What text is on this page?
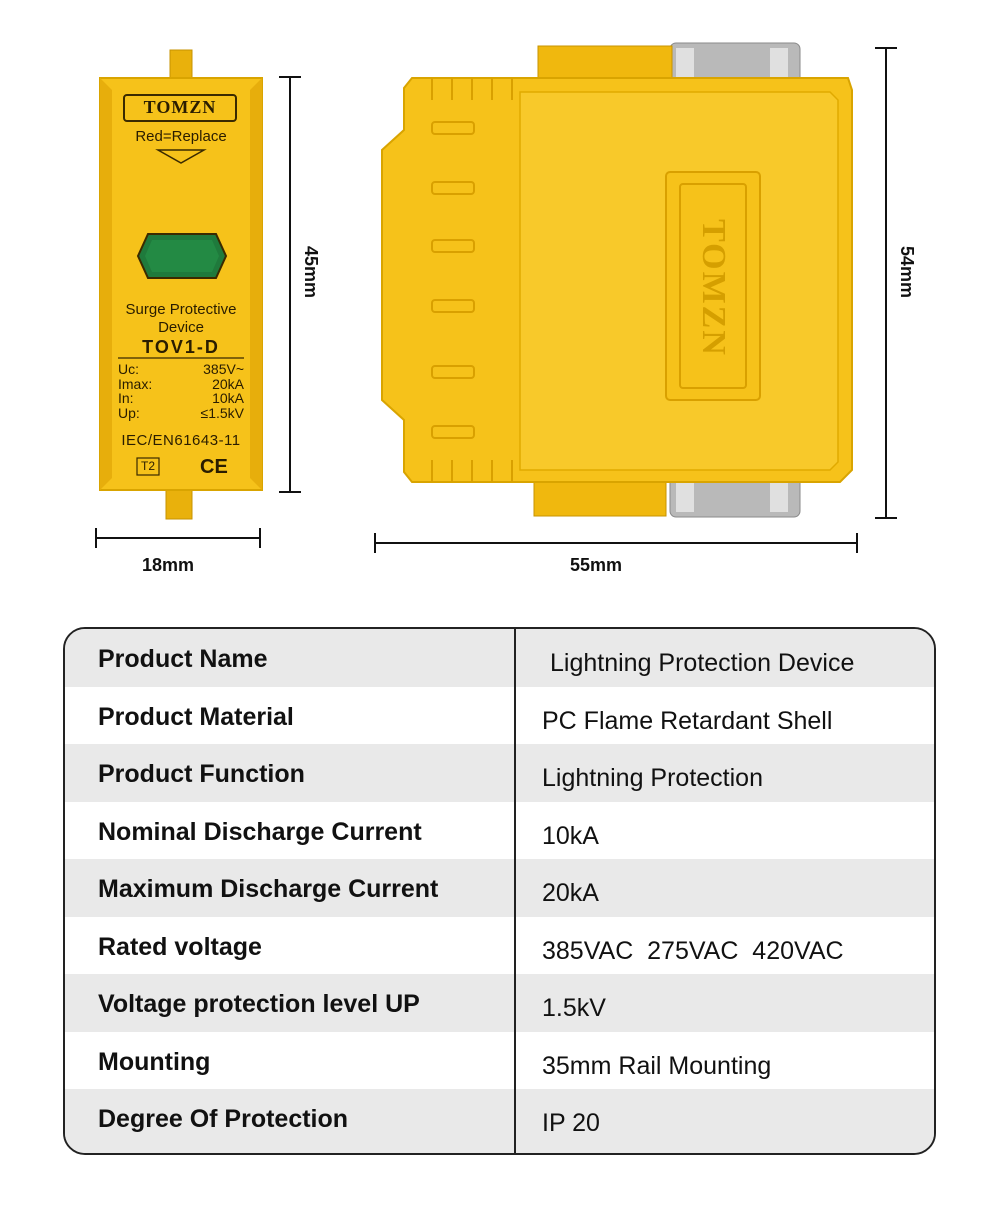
TOMZN
Red=Replace
Surge Protective
Device
TOV1-D
Uc:	385V~
Imax:	20kA
In:	10kA
Up:	≤1.5kV
IEC/EN61643-11
T2 CE
TOMZN
18mm	55mm
45mm	54mm
Product Name	Lightning Protection Device
Product Material	PC Flame Retardant Shell
Product Function	Lightning Protection
Nominal Discharge Current	10kA
Maximum Discharge Current	20kA
Rated voltage	385VAC  275VAC  420VAC
Voltage protection level UP	1.5kV
Mounting	35mm Rail Mounting
Degree Of Protection	IP 20
